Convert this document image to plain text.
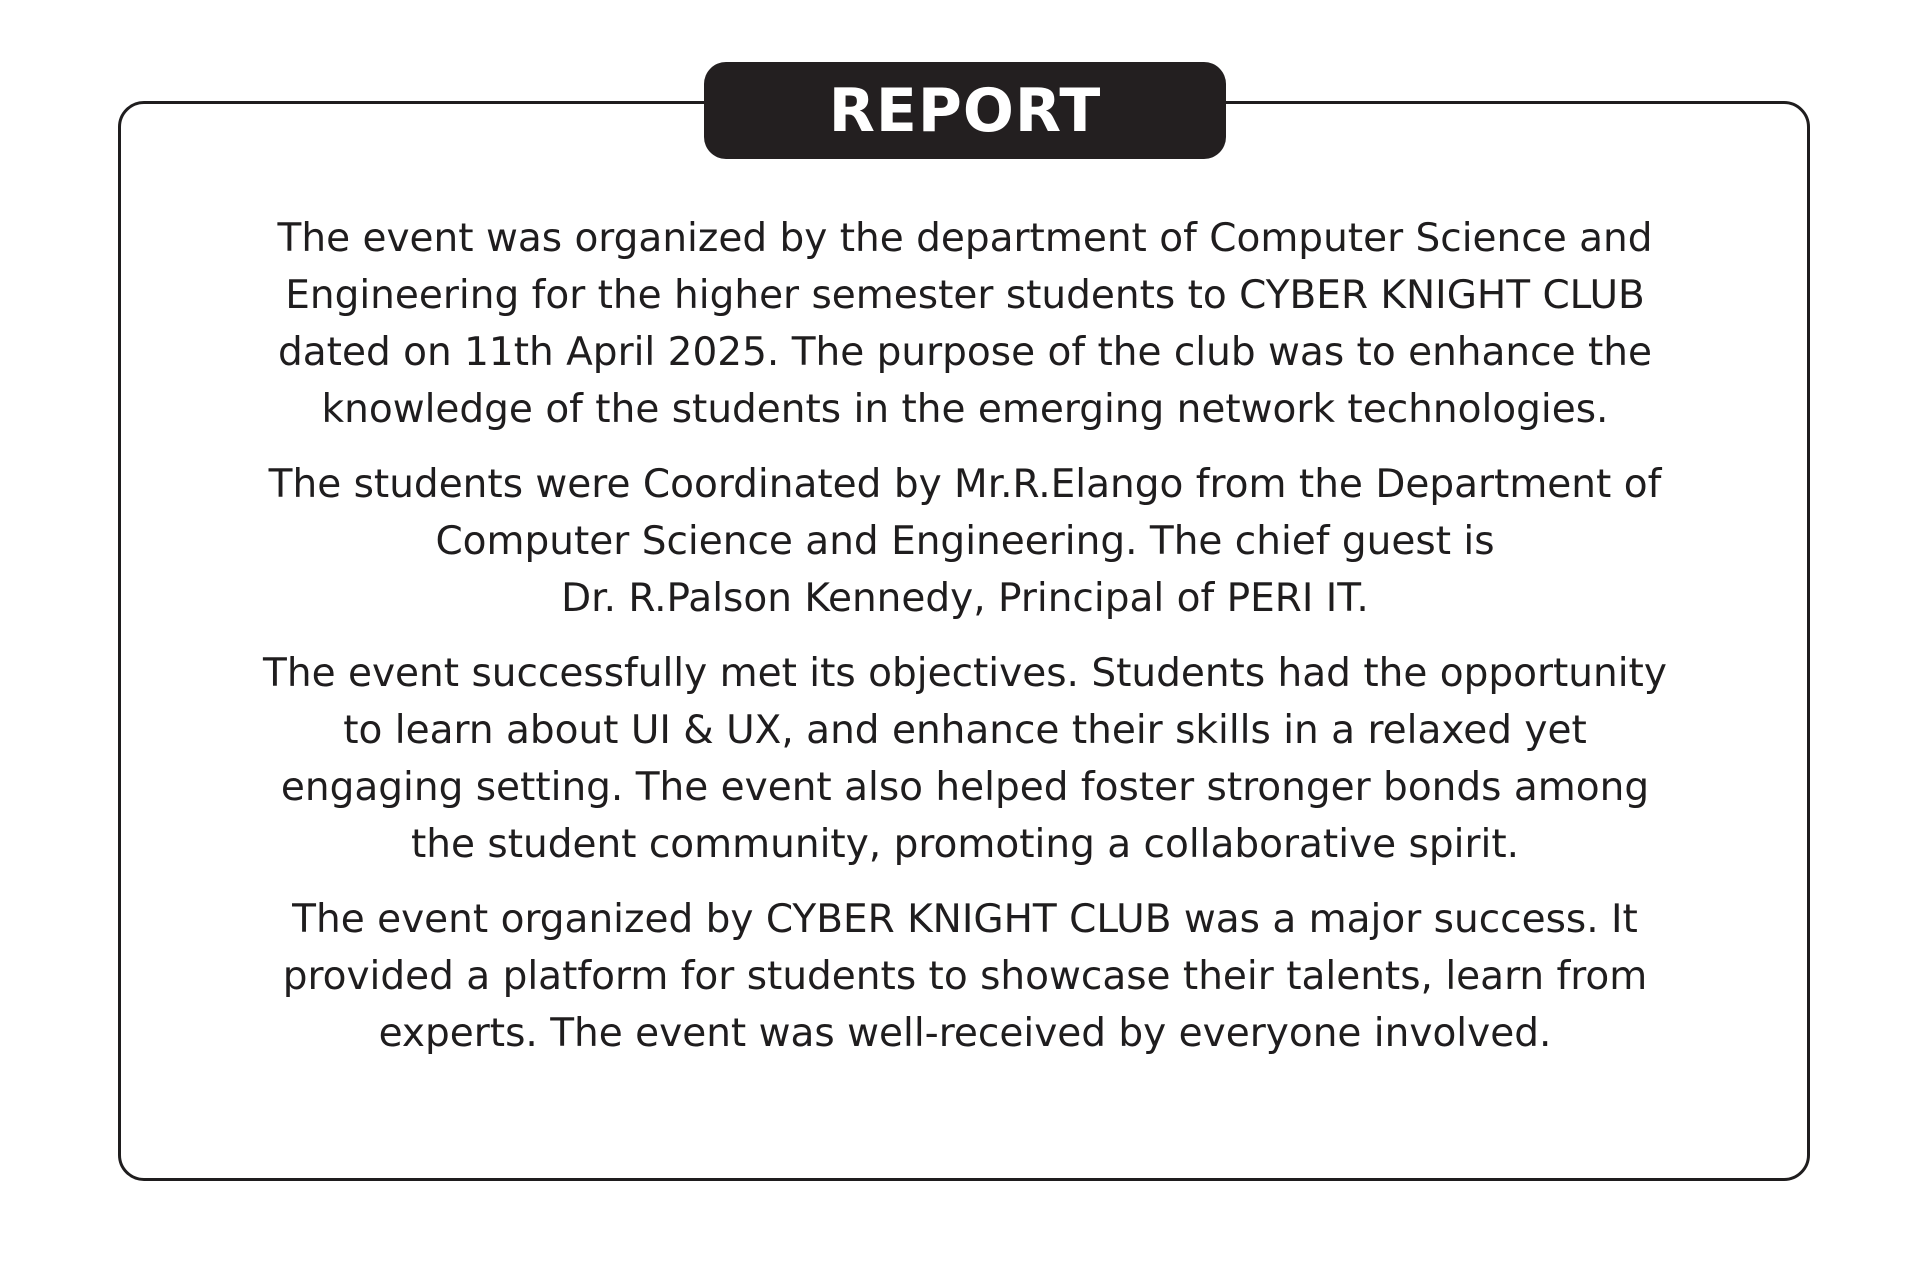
REPORT

The event was organized by the department of Computer Science and
Engineering for the higher semester students to CYBER KNIGHT CLUB
dated on 11th April 2025. The purpose of the club was to enhance the
knowledge of the students in the emerging network technologies.

The students were Coordinated by Mr.R.Elango from the Department of
Computer Science and Engineering. The chief guest is
Dr. R.Palson Kennedy, Principal of PERI IT.

The event successfully met its objectives. Students had the opportunity
to learn about UI & UX, and enhance their skills in a relaxed yet
engaging setting. The event also helped foster stronger bonds among
the student community, promoting a collaborative spirit.

The event organized by CYBER KNIGHT CLUB was a major success. It
provided a platform for students to showcase their talents, learn from
experts. The event was well-received by everyone involved.
